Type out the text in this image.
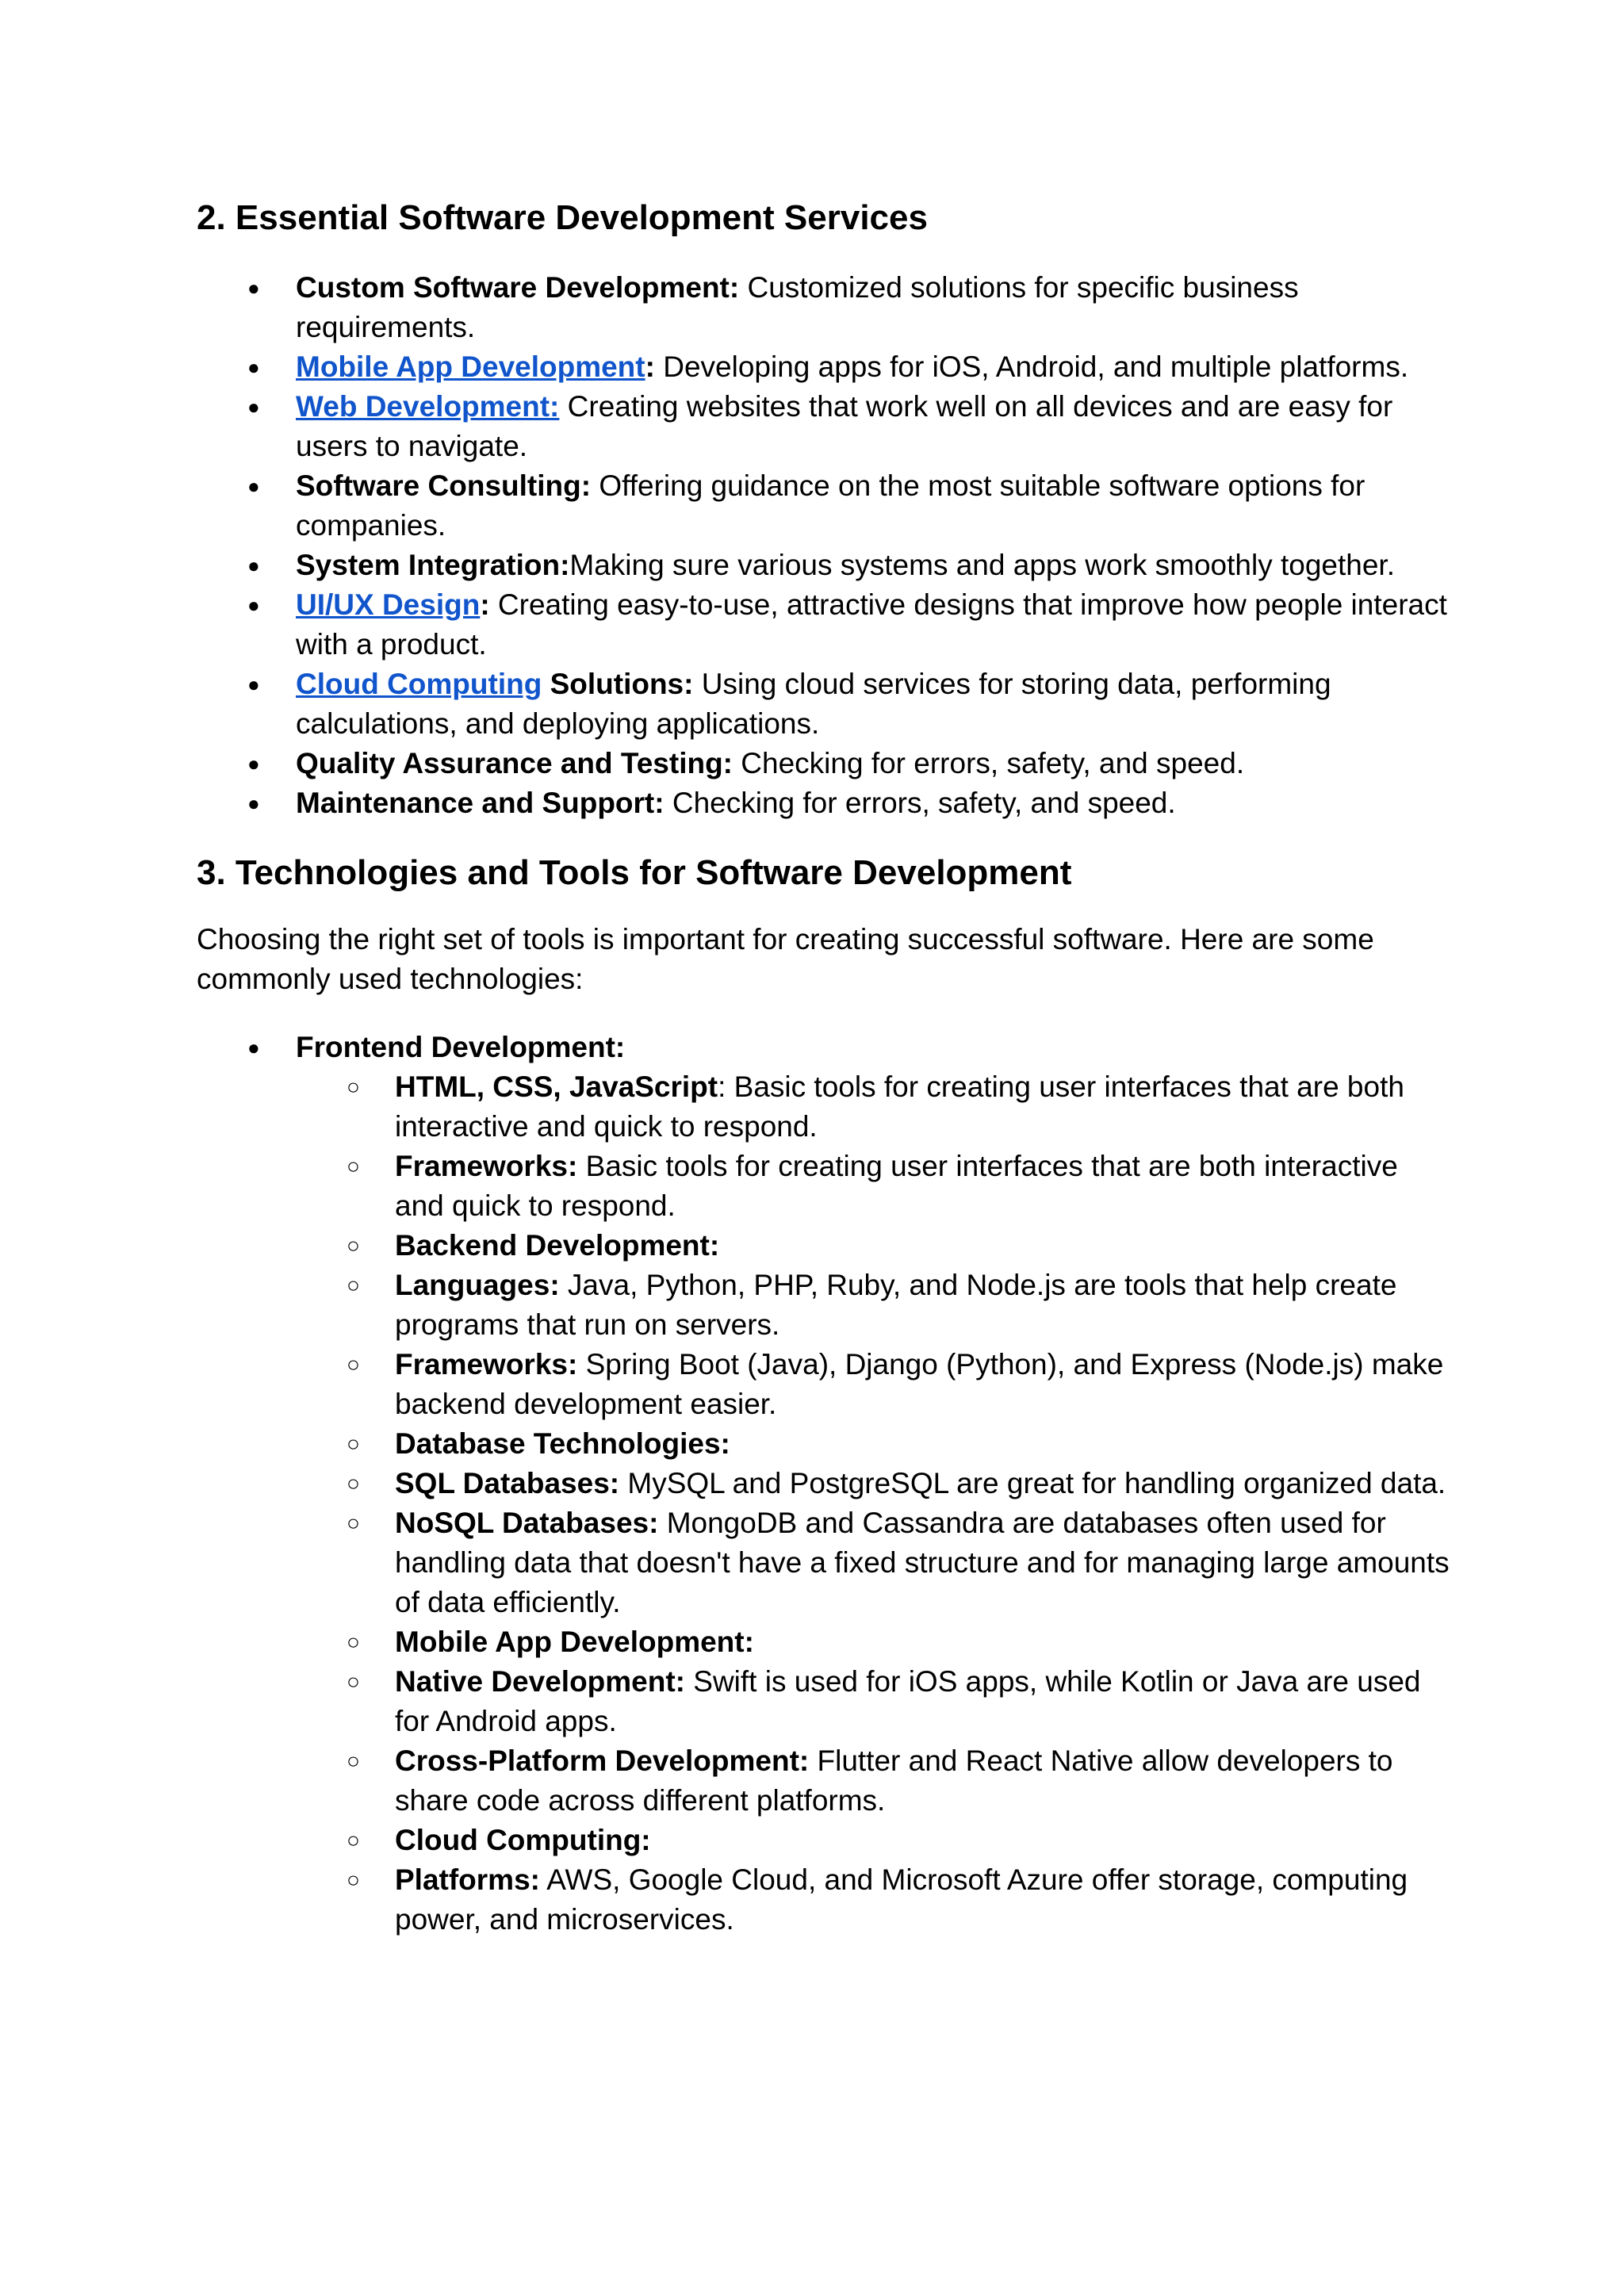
2. Essential Software Development Services
● Custom Software Development: Customized solutions for specific business requirements.
● Mobile App Development: Developing apps for iOS, Android, and multiple platforms.
● Web Development: Creating websites that work well on all devices and are easy for users to navigate.
● Software Consulting: Offering guidance on the most suitable software options for companies.
● System Integration:Making sure various systems and apps work smoothly together.
● UI/UX Design: Creating easy-to-use, attractive designs that improve how people interact with a product.
● Cloud Computing Solutions: Using cloud services for storing data, performing calculations, and deploying applications.
● Quality Assurance and Testing: Checking for errors, safety, and speed.
● Maintenance and Support: Checking for errors, safety, and speed.
3. Technologies and Tools for Software Development

Choosing the right set of tools is important for creating successful software. Here are some commonly used technologies:

● Frontend Development:
○ HTML, CSS, JavaScript: Basic tools for creating user interfaces that are both interactive and quick to respond.
○ Frameworks: Basic tools for creating user interfaces that are both interactive and quick to respond.
○ Backend Development:
○ Languages: Java, Python, PHP, Ruby, and Node.js are tools that help create programs that run on servers.
○ Frameworks: Spring Boot (Java), Django (Python), and Express (Node.js) make backend development easier.
○ Database Technologies:
○ SQL Databases: MySQL and PostgreSQL are great for handling organized data.
○ NoSQL Databases: MongoDB and Cassandra are databases often used for handling data that doesn't have a fixed structure and for managing large amounts of data efficiently.
○ Mobile App Development:
○ Native Development: Swift is used for iOS apps, while Kotlin or Java are used for Android apps.
○ Cross-Platform Development: Flutter and React Native allow developers to share code across different platforms.
○ Cloud Computing:
○ Platforms: AWS, Google Cloud, and Microsoft Azure offer storage, computing power, and microservices.
